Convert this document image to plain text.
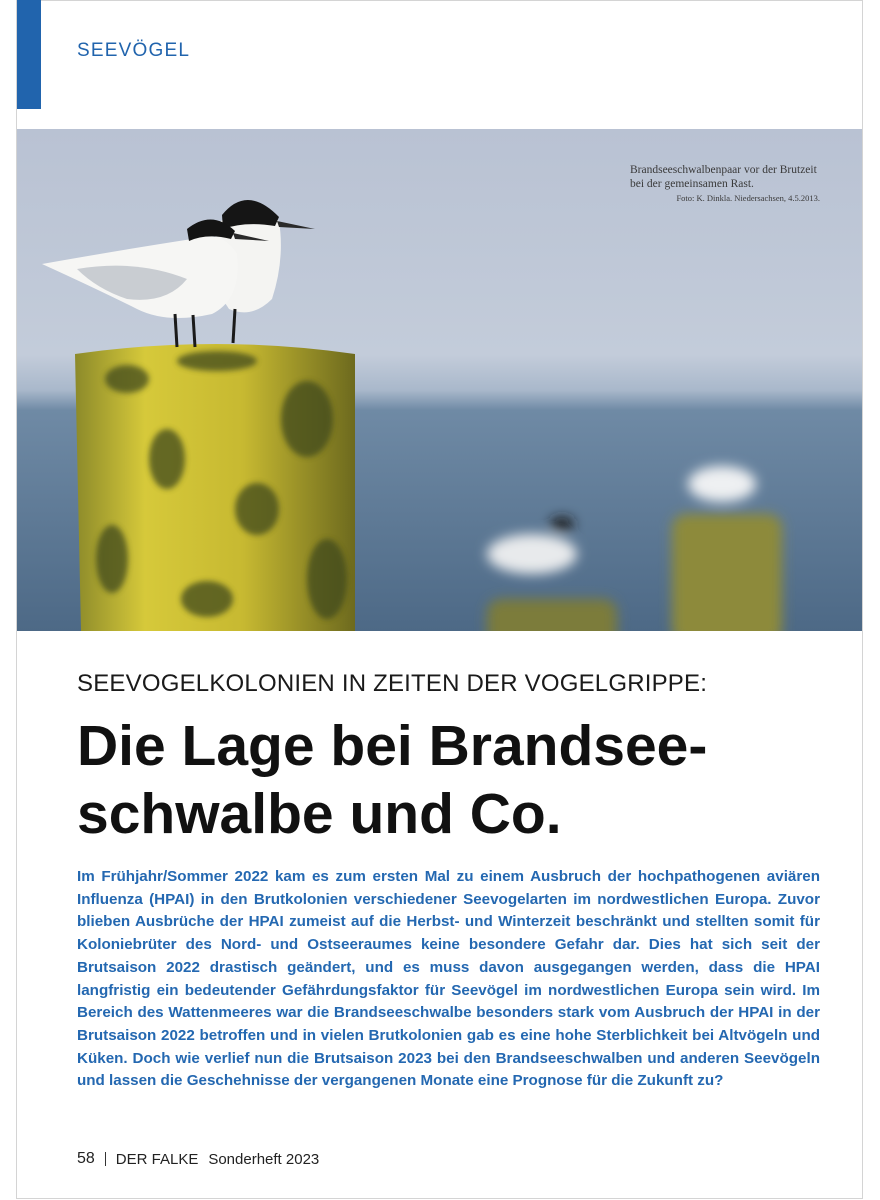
SEEVÖGEL
Brandseeschwalbenpaar vor der Brutzeit
bei der gemeinsamen Rast.
Foto: K. Dinkla. Niedersachsen, 4.5.2013.
SEEVOGELKOLONIEN IN ZEITEN DER VOGELGRIPPE:
Die Lage bei Brandsee-
schwalbe und Co.

Im Frühjahr/Sommer 2022 kam es zum ersten Mal zu einem Ausbruch der hochpathogenen aviären Influenza (HPAI) in den Brutkolonien verschiedener Seevogelarten im nordwestlichen Europa. Zuvor blieben Ausbrüche der HPAI zumeist auf die Herbst- und Winterzeit beschränkt und stellten somit für Koloniebrüter des Nord- und Ostseeraumes keine besondere Gefahr dar. Dies hat sich seit der Brutsaison 2022 drastisch geändert, und es muss davon ausgegangen werden, dass die HPAI langfristig ein bedeutender Gefährdungsfaktor für Seevögel im nordwestlichen Europa sein wird. Im Bereich des Wattenmeeres war die Brandseeschwalbe besonders stark vom Ausbruch der HPAI in der Brutsaison 2022 betroffen und in vielen Brutkolonien gab es eine hohe Sterblichkeit bei Altvögeln und Küken. Doch wie verlief nun die Brutsaison 2023 bei den Brandseeschwalben und anderen Seevögeln und lassen die Geschehnisse der vergangenen Monate eine Prognose für die Zukunft zu?

58 DER FALKE Sonderheft 2023
